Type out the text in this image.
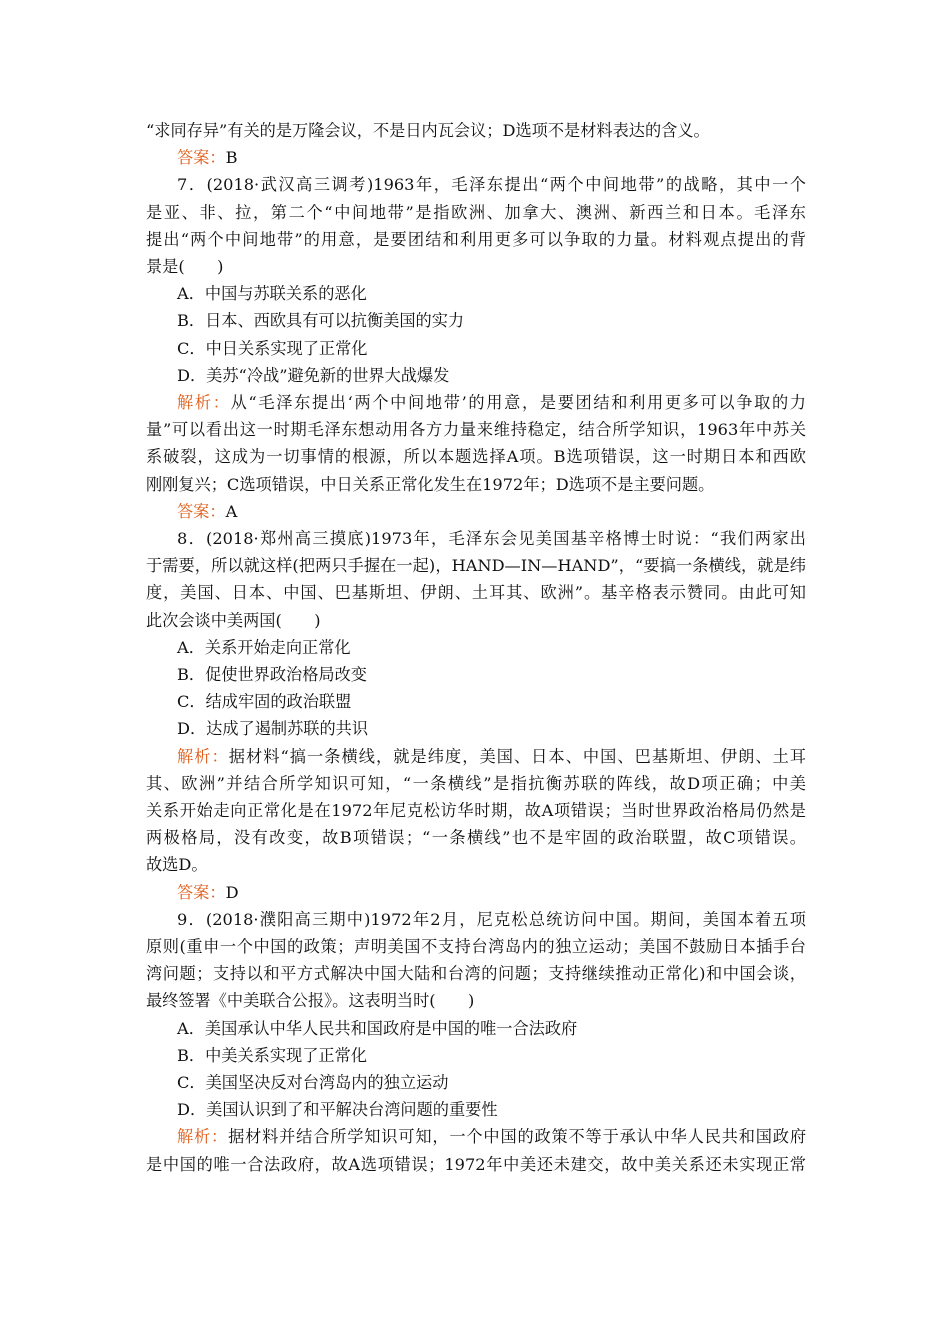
“求同存异”有关的是万隆会议，不是日内瓦会议；D选项不是材料表达的含义。
答案：B
7．(2018·武汉高三调考)1963年，毛泽东提出“两个中间地带”的战略，其中一个
是亚、非、拉，第二个“中间地带”是指欧洲、加拿大、澳洲、新西兰和日本。毛泽东
提出“两个中间地带”的用意，是要团结和利用更多可以争取的力量。材料观点提出的背
景是(　　)
A．中国与苏联关系的恶化
B．日本、西欧具有可以抗衡美国的实力
C．中日关系实现了正常化
D．美苏“冷战”避免新的世界大战爆发
解析：从“毛泽东提出‘两个中间地带’的用意，是要团结和利用更多可以争取的力
量”可以看出这一时期毛泽东想动用各方力量来维持稳定，结合所学知识，1963年中苏关
系破裂，这成为一切事情的根源，所以本题选择A项。B选项错误，这一时期日本和西欧
刚刚复兴；C选项错误，中日关系正常化发生在1972年；D选项不是主要问题。
答案：A
8．(2018·郑州高三摸底)1973年，毛泽东会见美国基辛格博士时说：“我们两家出
于需要，所以就这样(把两只手握在一起)，HAND—IN—HAND”，“要搞一条横线，就是纬
度，美国、日本、中国、巴基斯坦、伊朗、土耳其、欧洲”。基辛格表示赞同。由此可知
此次会谈中美两国(　　)
A．关系开始走向正常化
B．促使世界政治格局改变
C．结成牢固的政治联盟
D．达成了遏制苏联的共识
解析：据材料“搞一条横线，就是纬度，美国、日本、中国、巴基斯坦、伊朗、土耳
其、欧洲”并结合所学知识可知，“一条横线”是指抗衡苏联的阵线，故D项正确；中美
关系开始走向正常化是在1972年尼克松访华时期，故A项错误；当时世界政治格局仍然是
两极格局，没有改变，故B项错误；“一条横线”也不是牢固的政治联盟，故C项错误。
故选D。
答案：D
9．(2018·濮阳高三期中)1972年2月，尼克松总统访问中国。期间，美国本着五项
原则(重申一个中国的政策；声明美国不支持台湾岛内的独立运动；美国不鼓励日本插手台
湾问题；支持以和平方式解决中国大陆和台湾的问题；支持继续推动正常化)和中国会谈，
最终签署《中美联合公报》。这表明当时(　　)
A．美国承认中华人民共和国政府是中国的唯一合法政府
B．中美关系实现了正常化
C．美国坚决反对台湾岛内的独立运动
D．美国认识到了和平解决台湾问题的重要性
解析：据材料并结合所学知识可知，一个中国的政策不等于承认中华人民共和国政府
是中国的唯一合法政府，故A选项错误；1972年中美还未建交，故中美关系还未实现正常
